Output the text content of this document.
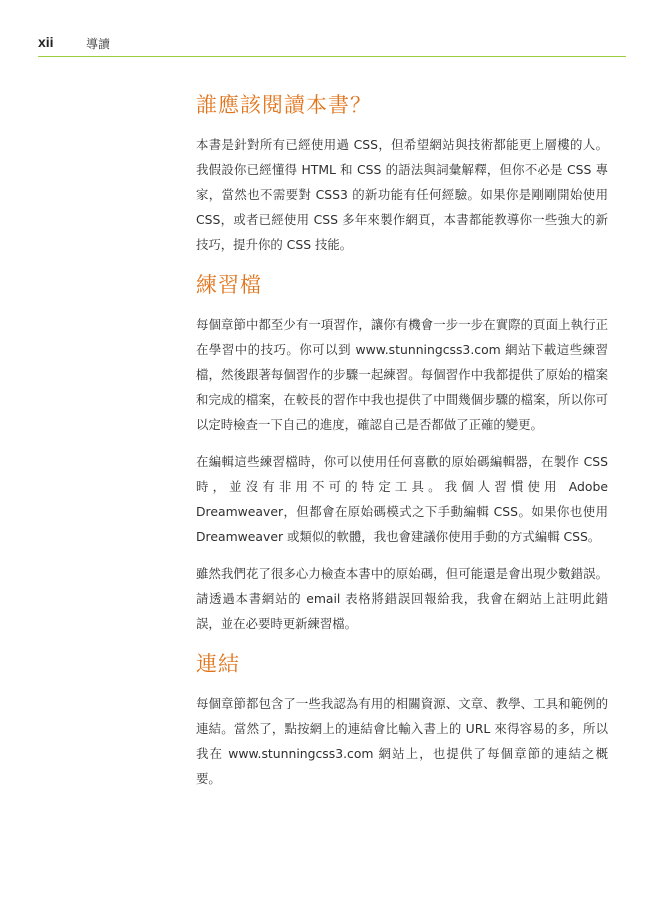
xii	導讀
誰應該閱讀本書？

本書是針對所有已經使用過 CSS，但希望網站與技術都能更上層樓的人。我假設你已經懂得 HTML 和 CSS 的語法與詞彙解釋，但你不必是 CSS 專家，當然也不需要對 CSS3 的新功能有任何經驗。如果你是剛剛開始使用 CSS，或者已經使用 CSS 多年來製作網頁，本書都能教導你一些強大的新技巧，提升你的 CSS 技能。

練習檔

每個章節中都至少有一項習作，讓你有機會一步一步在實際的頁面上執行正在學習中的技巧。你可以到 www.stunningcss3.com 網站下載這些練習檔，然後跟著每個習作的步驟一起練習。每個習作中我都提供了原始的檔案和完成的檔案，在較長的習作中我也提供了中間幾個步驟的檔案，所以你可以定時檢查一下自己的進度，確認自己是否都做了正確的變更。

在編輯這些練習檔時，你可以使用任何喜歡的原始碼編輯器，在製作 CSS 時，並沒有非用不可的特定工具。我個人習慣使用 Adobe Dreamweaver，但都會在原始碼模式之下手動編輯 CSS。如果你也使用 Dreamweaver 或類似的軟體，我也會建議你使用手動的方式編輯 CSS。

雖然我們花了很多心力檢查本書中的原始碼，但可能還是會出現少數錯誤。請透過本書網站的 email 表格將錯誤回報給我，我會在網站上註明此錯誤，並在必要時更新練習檔。

連結

每個章節都包含了一些我認為有用的相關資源、文章、教學、工具和範例的連結。當然了，點按網上的連結會比輸入書上的 URL 來得容易的多，所以我在 www.stunningcss3.com 網站上，也提供了每個章節的連結之概要。
